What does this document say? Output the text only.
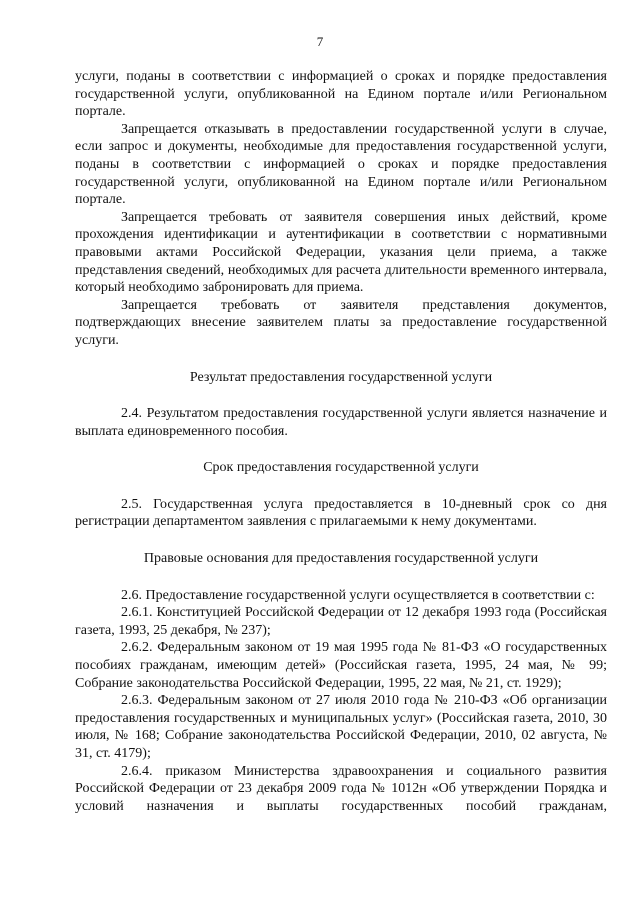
7

услуги, поданы в соответствии с информацией о сроках и порядке предоставления государственной услуги, опубликованной на Едином портале и/или Региональном портале.

Запрещается отказывать в предоставлении государственной услуги в случае, если запрос и документы, необходимые для предоставления государственной услуги, поданы в соответствии с информацией о сроках и порядке предоставления государственной услуги, опубликованной на Едином портале и/или Региональном портале.

Запрещается требовать от заявителя совершения иных действий, кроме прохождения идентификации и аутентификации в соответствии с нормативными правовыми актами Российской Федерации, указания цели приема, а также представления сведений, необходимых для расчета длительности временного интервала, который необходимо забронировать для приема.

Запрещается требовать от заявителя представления документов, подтверждающих внесение заявителем платы за предоставление государственной услуги.

Результат предоставления государственной услуги

2.4. Результатом предоставления государственной услуги является назначение и выплата единовременного пособия.

Срок предоставления государственной услуги

2.5. Государственная услуга предоставляется в 10-дневный срок со дня регистрации департаментом заявления с прилагаемыми к нему документами.

Правовые основания для предоставления государственной услуги

2.6. Предоставление государственной услуги осуществляется в соответствии с:

2.6.1. Конституцией Российской Федерации от 12 декабря 1993 года (Российская газета, 1993, 25 декабря, № 237);

2.6.2. Федеральным законом от 19 мая 1995 года № 81-ФЗ «О государственных пособиях гражданам, имеющим детей» (Российская газета, 1995, 24 мая, № 99; Собрание законодательства Российской Федерации, 1995, 22 мая, № 21, ст. 1929);

2.6.3. Федеральным законом от 27 июля 2010 года № 210-ФЗ «Об организации предоставления государственных и муниципальных услуг» (Российская газета, 2010, 30 июля, № 168; Собрание законодательства Российской Федерации, 2010, 02 августа, № 31, ст. 4179);

2.6.4. приказом Министерства здравоохранения и социального развития Российской Федерации от 23 декабря 2009 года № 1012н «Об утверждении Порядка и условий назначения и выплаты государственных пособий гражданам,
